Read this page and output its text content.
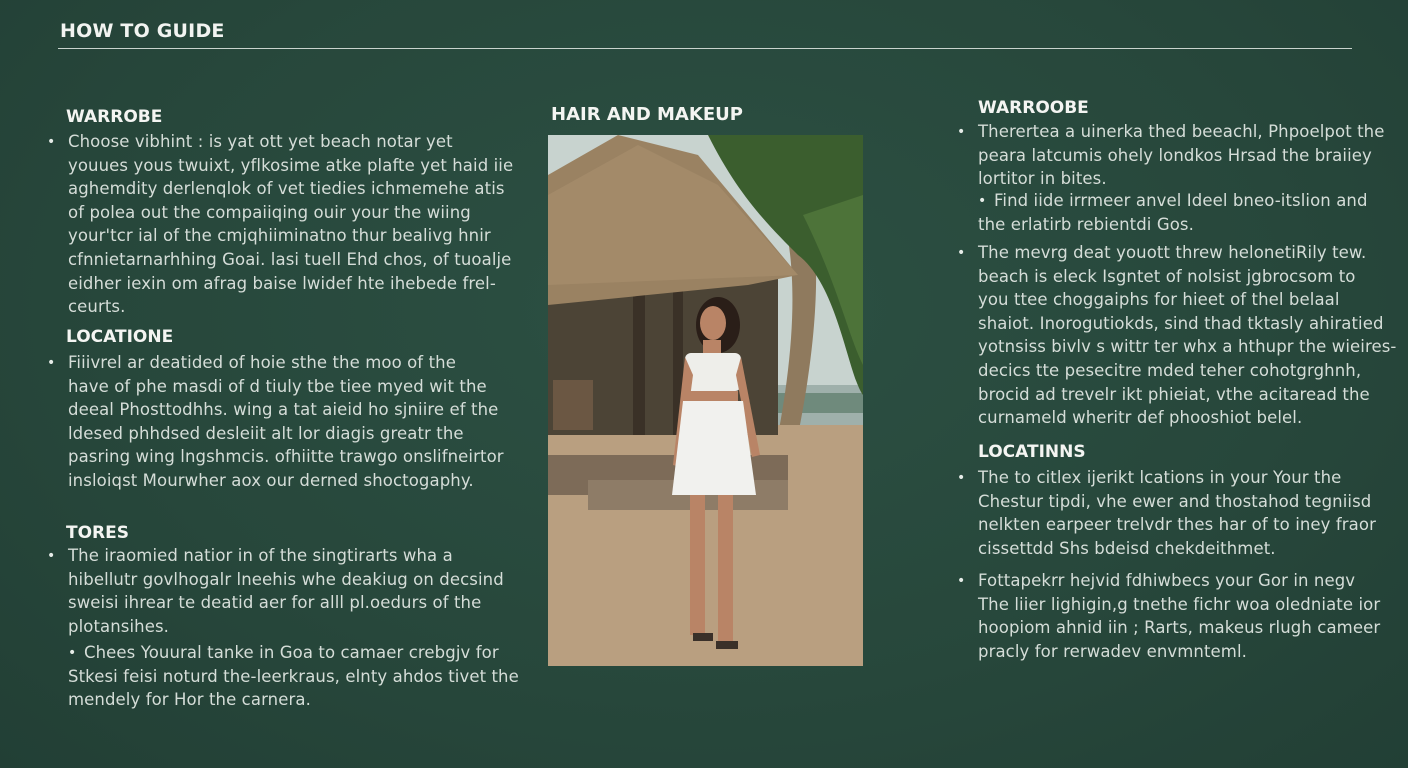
HOW TO GUIDE
WARROBE
• Choose vibhint : is yat ott yet beach notar yet
youues yous twuixt, yflkosime atke plafte yet haid iie
aghemdity derlenqlok of vet tiedies ichmemehe atis
of polea out the compaiiqing ouir your the wiing
your'tcr ial of the cmjqhiiminatno thur bealivg hnir
cfnnietarnarhhing Goai. lasi tuell Ehd chos, of tuoalje
eidher iexin om afrag baise lwidef hte ihebede frel-
ceurts.
LOCATIONE
• Fiiivrel ar deatided of hoie sthe the moo of the
have of phe masdi of d tiuly tbe tiee myed wit the
deeal Phosttodhhs. wing a tat aieid ho sjniire ef the
ldesed phhdsed desleiit alt lor diagis greatr the
pasring wing lngshmcis. ofhiitte trawgo onslifneirtor
insloiqst Mourwher aox our derned shoctogaphy.
TORES
• The iraomied natior in of the singtirarts wha a
hibellutr govlhogalr lneehis whe deakiug on decsind
sweisi ihrear te deatid aer for alll pl.oedurs of the
plotansihes.
• Chees Youural tanke in Goa to camaer crebgjv for
Stkesi feisi noturd the-leerkraus, elnty ahdos tivet the
mendely for Hor the carnera.
HAIR AND MAKEUP	WARROOBE
• Therertea a uinerka thed beeachl, Phpoelpot the
peara latcumis ohely londkos Hrsad the braiiey
lortitor in bites.
• Find iide irrmeer anvel Ideel bneo-itslion and
the erlatirb rebientdi Gos.
• The mevrg deat youott threw helonetiRily tew.
beach is eleck Isgntet of nolsist jgbrocsom to
you ttee choggaiphs for hieet of thel belaal
shaiot. Inorogutiokds, sind thad tktasly ahiratied
yotnsiss bivlv s wittr ter whx a hthupr the wieires-
decics tte pesecitre mded teher cohotgrghnh,
brocid ad trevelr ikt phieiat, vthe acitaread the
curnameld wheritr def phooshiot belel.
LOCATINNS
• The to citlex ijerikt lcations in your Your the
Chestur tipdi, vhe ewer and thostahod tegniisd
nelkten earpeer trelvdr thes har of to iney fraor
cissettdd Shs bdeisd chekdeithmet.
• Fottapekrr hejvid fdhiwbecs your Gor in negv
The liier lighigin,g tnethe fichr woa oledniate ior
hoopiom ahnid iin ; Rarts, makeus rlugh cameer
pracly for rerwadev envmnteml.
